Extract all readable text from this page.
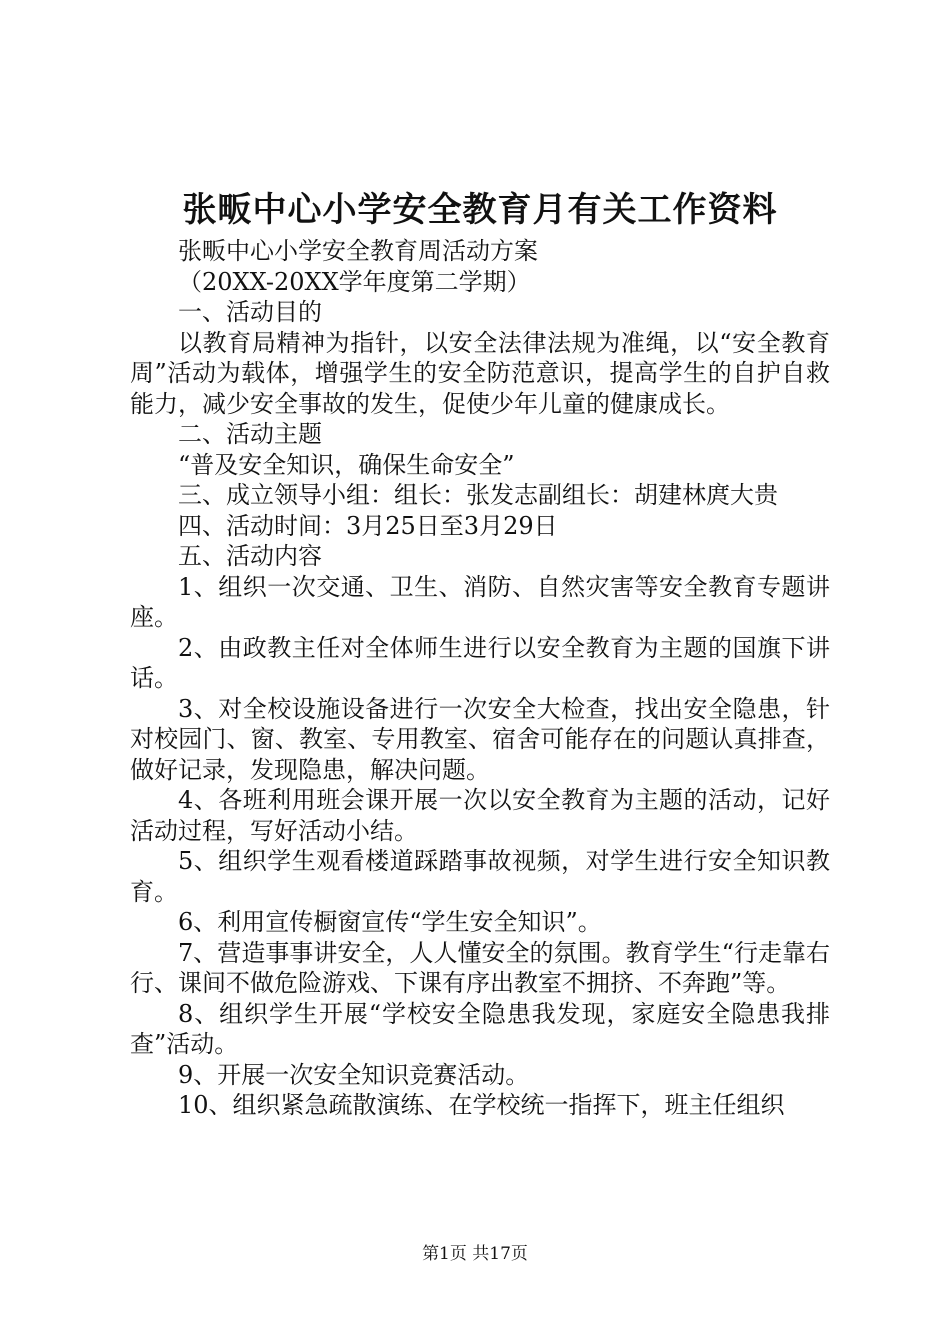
张畈中心小学安全教育月有关工作资料

张畈中心小学安全教育周活动方案

（20XX-20XX学年度第二学期）

一、活动目的

以教育局精神为指针，以安全法律法规为准绳，以“安全教育周”活动为载体，增强学生的安全防范意识，提高学生的自护自救能力，减少安全事故的发生，促使少年儿童的健康成长。

二、活动主题

“普及安全知识，确保生命安全”

三、成立领导小组：组长：张发志副组长：胡建林庹大贵

四、活动时间：3月25日至3月29日

五、活动内容

1、组织一次交通、卫生、消防、自然灾害等安全教育专题讲座。

2、由政教主任对全体师生进行以安全教育为主题的国旗下讲话。

3、对全校设施设备进行一次安全大检查，找出安全隐患，针对校园门、窗、教室、专用教室、宿舍可能存在的问题认真排查，做好记录，发现隐患，解决问题。

4、各班利用班会课开展一次以安全教育为主题的活动，记好活动过程，写好活动小结。

5、组织学生观看楼道踩踏事故视频，对学生进行安全知识教育。

6、利用宣传橱窗宣传“学生安全知识”。

7、营造事事讲安全，人人懂安全的氛围。教育学生“行走靠右行、课间不做危险游戏、下课有序出教室不拥挤、不奔跑”等。

8、组织学生开展“学校安全隐患我发现，家庭安全隐患我排查”活动。

9、开展一次安全知识竞赛活动。

10、组织紧急疏散演练、在学校统一指挥下，班主任组织

第1页 共17页
